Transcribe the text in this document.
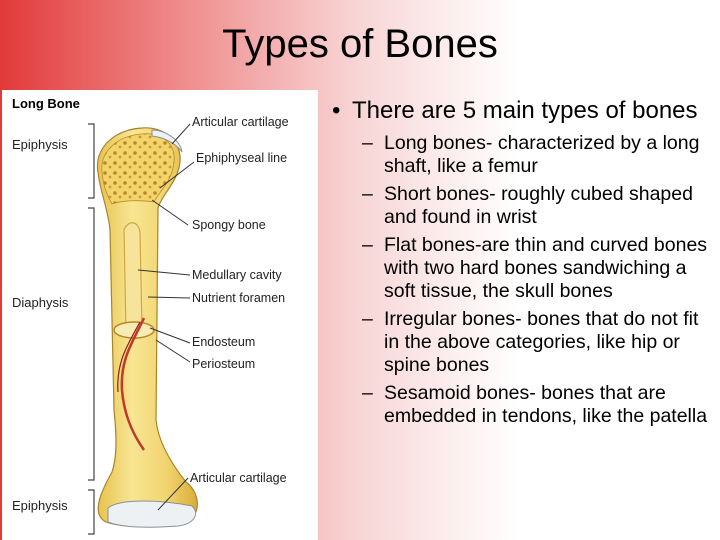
Types of Bones
Long Bone
Epiphysis
Diaphysis
Epiphysis
Articular cartilage
Ephiphyseal line
Spongy bone
Medullary cavity
Nutrient foramen
Endosteum
Periosteum
Articular cartilage

• There are 5 main types of bones

– Long bones- characterized by a long shaft, like a femur
– Short bones- roughly cubed shaped and found in wrist
– Flat bones-are thin and curved bones with two hard bones sandwiching a soft tissue, the skull bones
– Irregular bones- bones that do not fit in the above categories, like hip or spine bones
– Sesamoid bones- bones that are embedded in tendons, like the patella
